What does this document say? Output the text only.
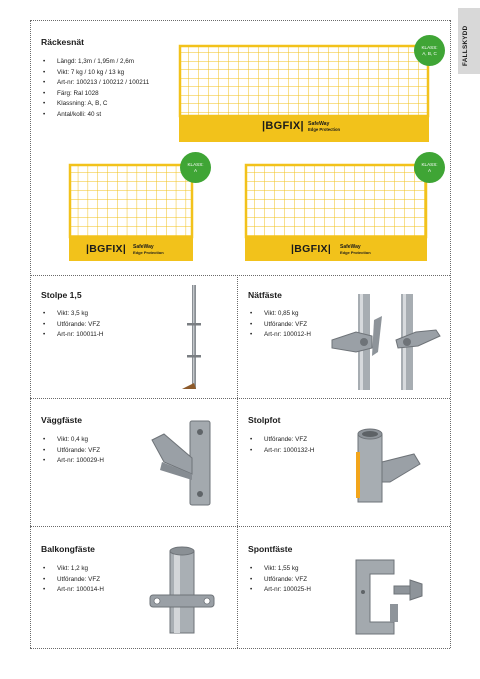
FALLSKYDD
Räckesnät
• Längd: 1,3m / 1,95m / 2,6m
• Vikt: 7 kg / 10 kg / 13 kg
• Art-nr: 100213 / 100212 / 100211
• Färg: Ral 1028
• Klassning: A, B, C
• Antal/kolli: 40 st
|BGFIX| SafeWay
Edge Protection
KLASS:
A, B, C
|BGFIX| SafeWay
Edge Protection
KLASS:
A
|BGFIX| SafeWay
Edge Protection
KLASS:
A
Stolpe 1,5
• Vikt: 3,5 kg
• Utförande: VFZ
• Art-nr: 100011-H
Nätfäste
• Vikt: 0,85 kg
• Utförande: VFZ
• Art-nr: 100012-H
Väggfäste
• Vikt: 0,4 kg
• Utförande: VFZ
• Art-nr: 100029-H
Stolpfot
• Utförande: VFZ
• Art-nr: 1000132-H
Balkongfäste
• Vikt: 1,2 kg
• Utförande: VFZ
• Art-nr: 100014-H
Spontfäste
• Vikt: 1,55 kg
• Utförande: VFZ
• Art-nr: 100025-H
